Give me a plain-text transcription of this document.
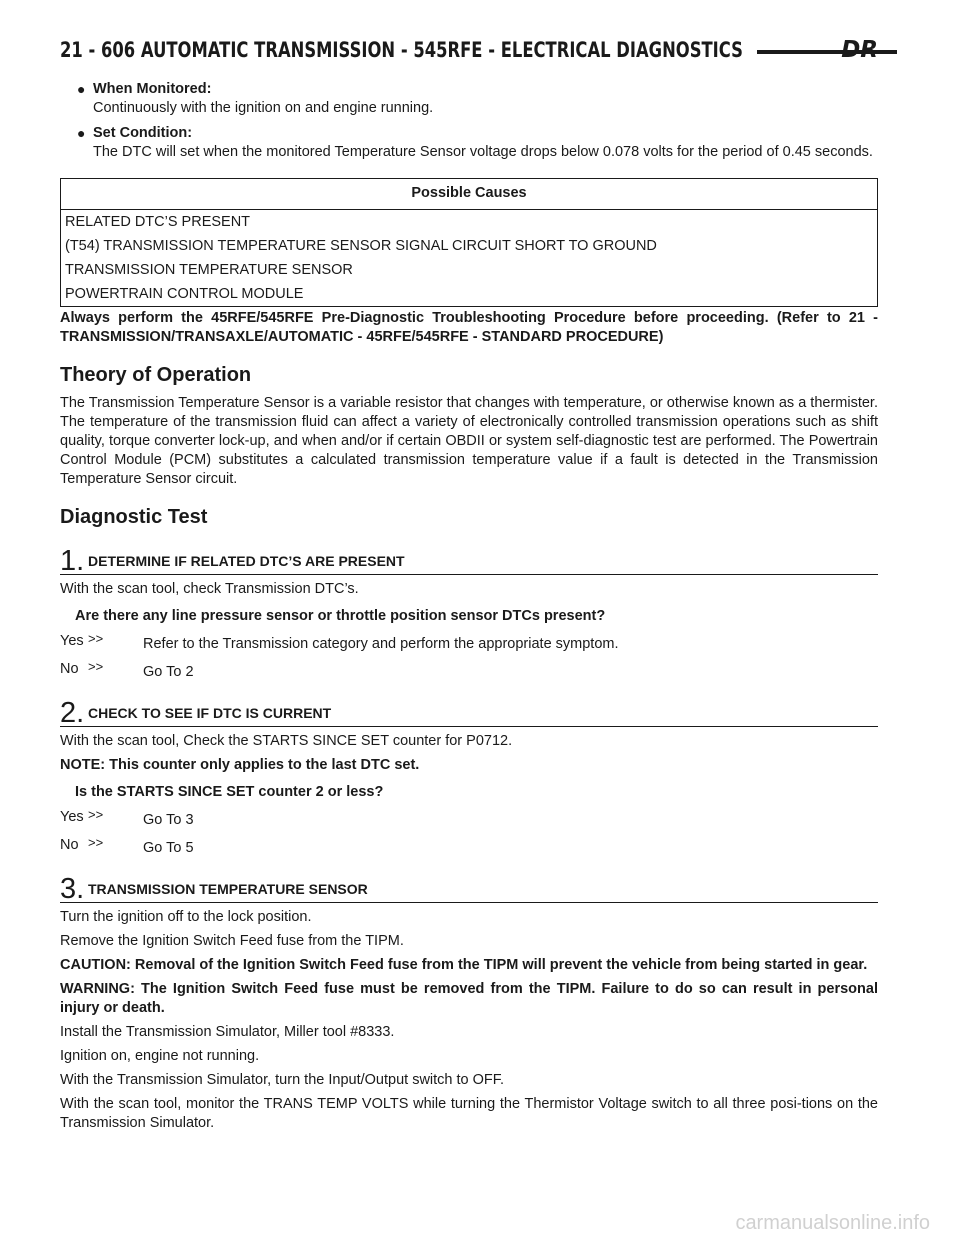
21 - 606 AUTOMATIC TRANSMISSION - 545RFE - ELECTRICAL DIAGNOSTICS	DR
● When Monitored:
Continuously with the ignition on and engine running.
● Set Condition:
The DTC will set when the monitored Temperature Sensor voltage drops below 0.078 volts for the period of 0.45 seconds.
Possible Causes
RELATED DTC’S PRESENT
(T54) TRANSMISSION TEMPERATURE SENSOR SIGNAL CIRCUIT SHORT TO GROUND
TRANSMISSION TEMPERATURE SENSOR
POWERTRAIN CONTROL MODULE
Always perform the 45RFE/545RFE Pre-Diagnostic Troubleshooting Procedure before proceeding. (Refer to 21 - TRANSMISSION/TRANSAXLE/AUTOMATIC - 45RFE/545RFE - STANDARD PROCEDURE)
Theory of Operation
The Transmission Temperature Sensor is a variable resistor that changes with temperature, or otherwise known as a thermister. The temperature of the transmission fluid can affect a variety of electronically controlled transmission operations such as shift quality, torque converter lock-up, and when and/or if certain OBDII or system self-diagnostic test are performed. The Powertrain Control Module (PCM) substitutes a calculated transmission temperature value if a fault is detected in the Transmission Temperature Sensor circuit.
Diagnostic Test
1. DETERMINE IF RELATED DTC’S ARE PRESENT

With the scan tool, check Transmission DTC’s.

Are there any line pressure sensor or throttle position sensor DTCs present?
Yes >>	Refer to the Transmission category and perform the appropriate symptom.
No >>	Go To 2
2. CHECK TO SEE IF DTC IS CURRENT

With the scan tool, Check the STARTS SINCE SET counter for P0712.

NOTE: This counter only applies to the last DTC set.

Is the STARTS SINCE SET counter 2 or less?
Yes >>	Go To 3
No >>	Go To 5
3. TRANSMISSION TEMPERATURE SENSOR

Turn the ignition off to the lock position.

Remove the Ignition Switch Feed fuse from the TIPM.

CAUTION: Removal of the Ignition Switch Feed fuse from the TIPM will prevent the vehicle from being started in gear.

WARNING: The Ignition Switch Feed fuse must be removed from the TIPM. Failure to do so can result in personal injury or death.

Install the Transmission Simulator, Miller tool #8333.

Ignition on, engine not running.

With the Transmission Simulator, turn the Input/Output switch to OFF.

With the scan tool, monitor the TRANS TEMP VOLTS while turning the Thermistor Voltage switch to all three posi-tions on the Transmission Simulator.

carmanualsonline.info
